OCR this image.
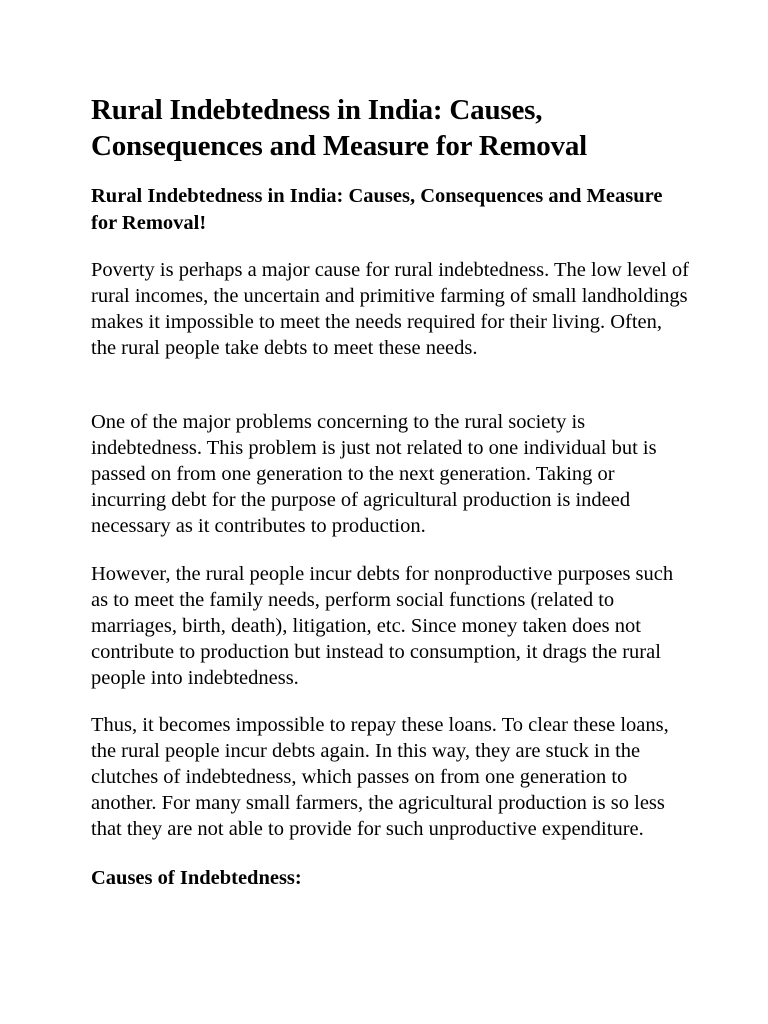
Rural Indebtedness in India: Causes, Consequences and Measure for Removal

Rural Indebtedness in India: Causes, Consequences and Measure for Removal!

Poverty is perhaps a major cause for rural indebtedness. The low level of rural incomes, the uncertain and primitive farming of small landholdings makes it impossible to meet the needs required for their living. Often, the rural people take debts to meet these needs.

One of the major problems concerning to the rural society is indebtedness. This problem is just not related to one individual but is passed on from one generation to the next generation. Taking or incurring debt for the purpose of agricultural production is indeed necessary as it contributes to production.

However, the rural people incur debts for nonproductive purposes such as to meet the family needs, perform social functions (related to marriages, birth, death), litigation, etc. Since money taken does not contribute to production but instead to consumption, it drags the rural people into indebtedness.

Thus, it becomes impossible to repay these loans. To clear these loans, the rural people incur debts again. In this way, they are stuck in the clutches of indebtedness, which passes on from one generation to another. For many small farmers, the agricultural production is so less that they are not able to provide for such unproductive expenditure.

Causes of Indebtedness:
